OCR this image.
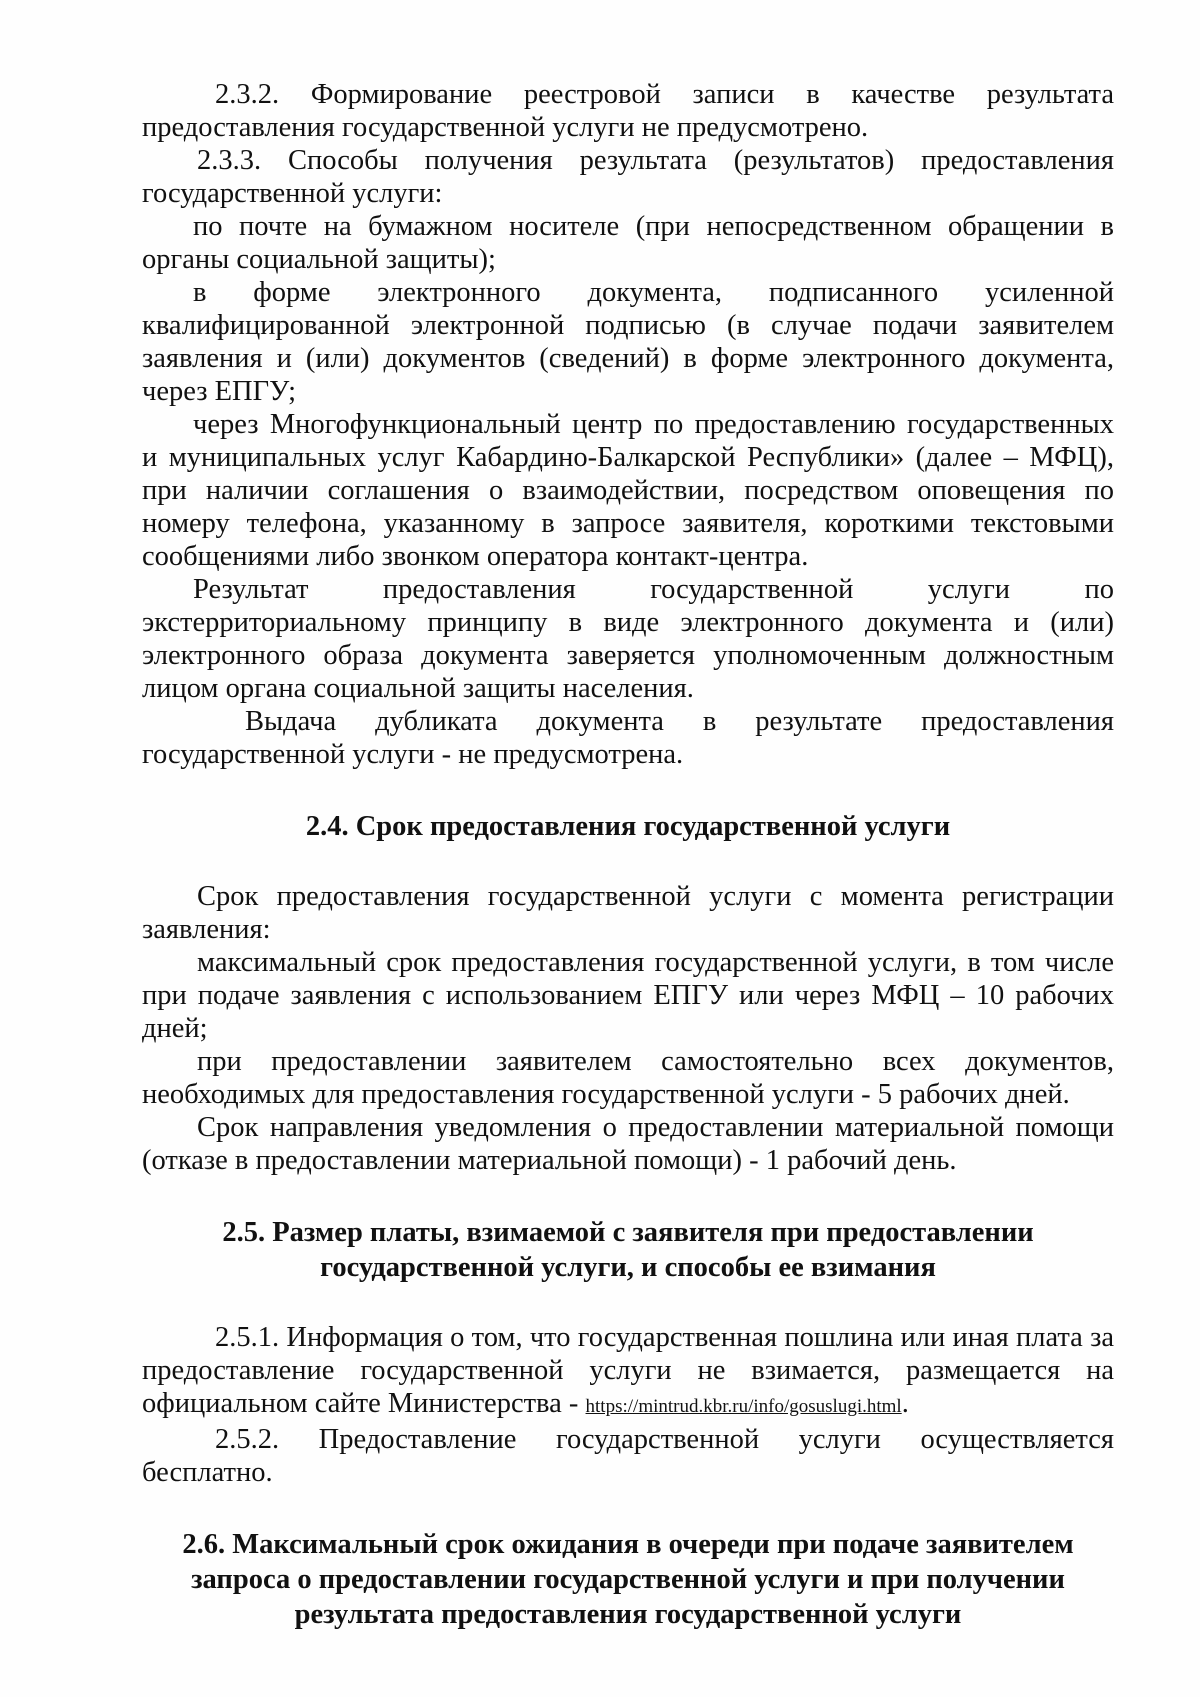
2.3.2. Формирование реестровой записи в качестве результата предоставления государственной услуги не предусмотрено.

2.3.3. Способы получения результата (результатов) предоставления государственной услуги:

по почте на бумажном носителе (при непосредственном обращении в органы социальной защиты);

в форме электронного документа, подписанного усиленной квалифицированной электронной подписью (в случае подачи заявителем заявления и (или) документов (сведений) в форме электронного документа, через ЕПГУ;

через Многофункциональный центр по предоставлению государственных и муниципальных услуг Кабардино-Балкарской Республики» (далее – МФЦ), при наличии соглашения о взаимодействии, посредством оповещения по номеру телефона, указанному в запросе заявителя, короткими текстовыми сообщениями либо звонком оператора контакт-центра.

Результат предоставления государственной услуги по экстерриториальному принципу в виде электронного документа и (или) электронного образа документа заверяется уполномоченным должностным лицом органа социальной защиты населения.

Выдача дубликата документа в результате предоставления государственной услуги - не предусмотрена.

2.4. Срок предоставления государственной услуги

Срок предоставления государственной услуги с момента регистрации заявления:

максимальный срок предоставления государственной услуги, в том числе при подаче заявления с использованием ЕПГУ или через МФЦ – 10 рабочих дней;

при предоставлении заявителем самостоятельно всех документов, необходимых для предоставления государственной услуги - 5 рабочих дней.

Срок направления уведомления о предоставлении материальной помощи (отказе в предоставлении материальной помощи) - 1 рабочий день.

2.5. Размер платы, взимаемой с заявителя при предоставлении
государственной услуги, и способы ее взимания

2.5.1. Информация о том, что государственная пошлина или иная плата за предоставление государственной услуги не взимается, размещается на официальном сайте Министерства - https://mintrud.kbr.ru/info/gosuslugi.html.

2.5.2. Предоставление государственной услуги осуществляется бесплатно.

2.6. Максимальный срок ожидания в очереди при подаче заявителем
запроса о предоставлении государственной услуги и при получении
результата предоставления государственной услуги
